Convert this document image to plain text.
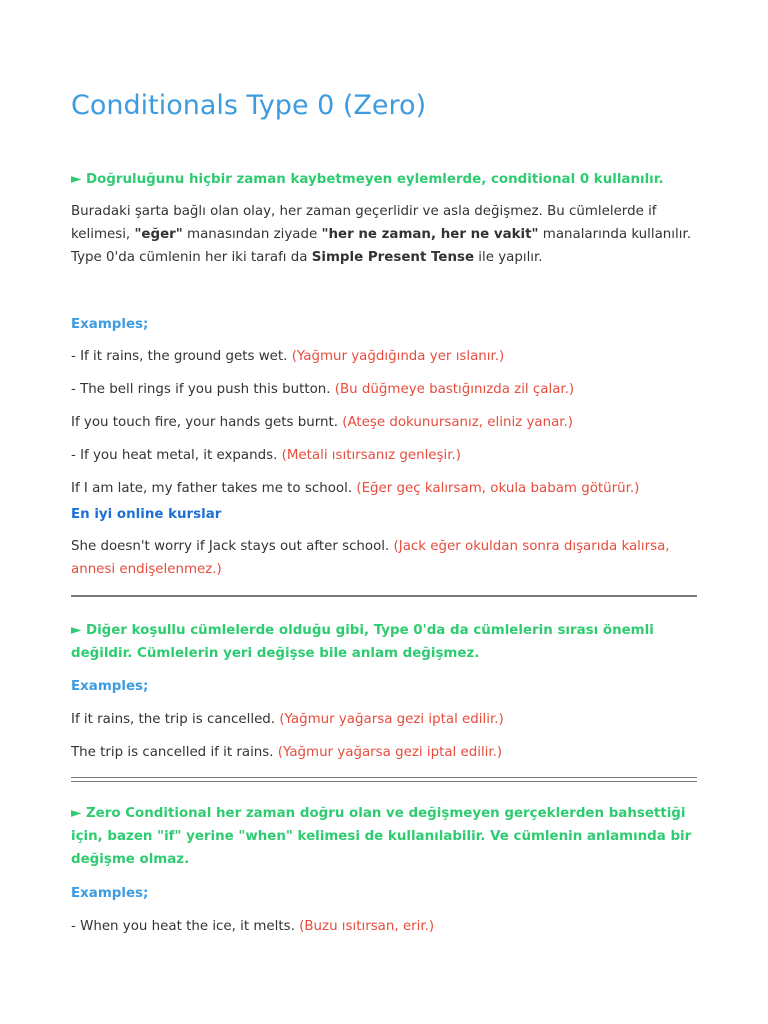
Conditionals Type 0 (Zero)

► Doğruluğunu hiçbir zaman kaybetmeyen eylemlerde, conditional 0 kullanılır.

Buradaki şarta bağlı olan olay, her zaman geçerlidir ve asla değişmez. Bu cümlelerde if kelimesi, "eğer" manasından ziyade "her ne zaman, her ne vakit" manalarında kullanılır. Type 0'da cümlenin her iki tarafı da Simple Present Tense ile yapılır.

Examples;

- If it rains, the ground gets wet. (Yağmur yağdığında yer ıslanır.)

- The bell rings if you push this button. (Bu düğmeye bastığınızda zil çalar.)

If you touch fire, your hands gets burnt. (Ateşe dokunursanız, eliniz yanar.)

- If you heat metal, it expands. (Metali ısıtırsanız genleşir.)

If I am late, my father takes me to school. (Eğer geç kalırsam, okula babam götürür.)

En iyi online kurslar

She doesn't worry if Jack stays out after school. (Jack eğer okuldan sonra dışarıda kalırsa, annesi endişelenmez.)

► Diğer koşullu cümlelerde olduğu gibi, Type 0'da da cümlelerin sırası önemli değildir. Cümlelerin yeri değişse bile anlam değişmez.

Examples;

If it rains, the trip is cancelled. (Yağmur yağarsa gezi iptal edilir.)

The trip is cancelled if it rains. (Yağmur yağarsa gezi iptal edilir.)

► Zero Conditional her zaman doğru olan ve değişmeyen gerçeklerden bahsettiği için, bazen "if" yerine "when" kelimesi de kullanılabilir. Ve cümlenin anlamında bir değişme olmaz.

Examples;

- When you heat the ice, it melts. (Buzu ısıtırsan, erir.)
